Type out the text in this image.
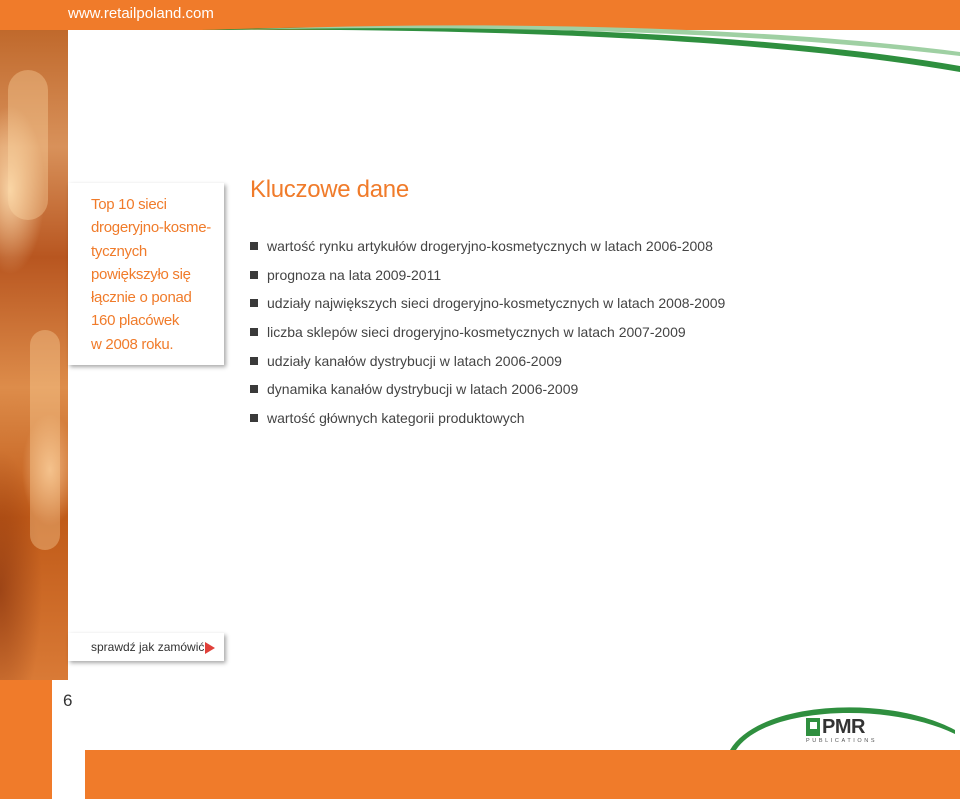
www.retailpoland.com
Top 10 sieci
drogeryjno-kosme-
tycznych
powiększyło się
łącznie o ponad
160 placówek
w 2008 roku.
Kluczowe dane
wartość rynku artykułów drogeryjno-kosmetycznych w latach 2006-2008
prognoza na lata 2009-2011
udziały największych sieci drogeryjno-kosmetycznych w latach 2008-2009
liczba sklepów sieci drogeryjno-kosmetycznych w latach 2007-2009
udziały kanałów dystrybucji w latach 2006-2009
dynamika kanałów dystrybucji w latach 2006-2009
wartość głównych kategorii produktowych
sprawdź jak zamówić
6
PMR
PUBLICATIONS
